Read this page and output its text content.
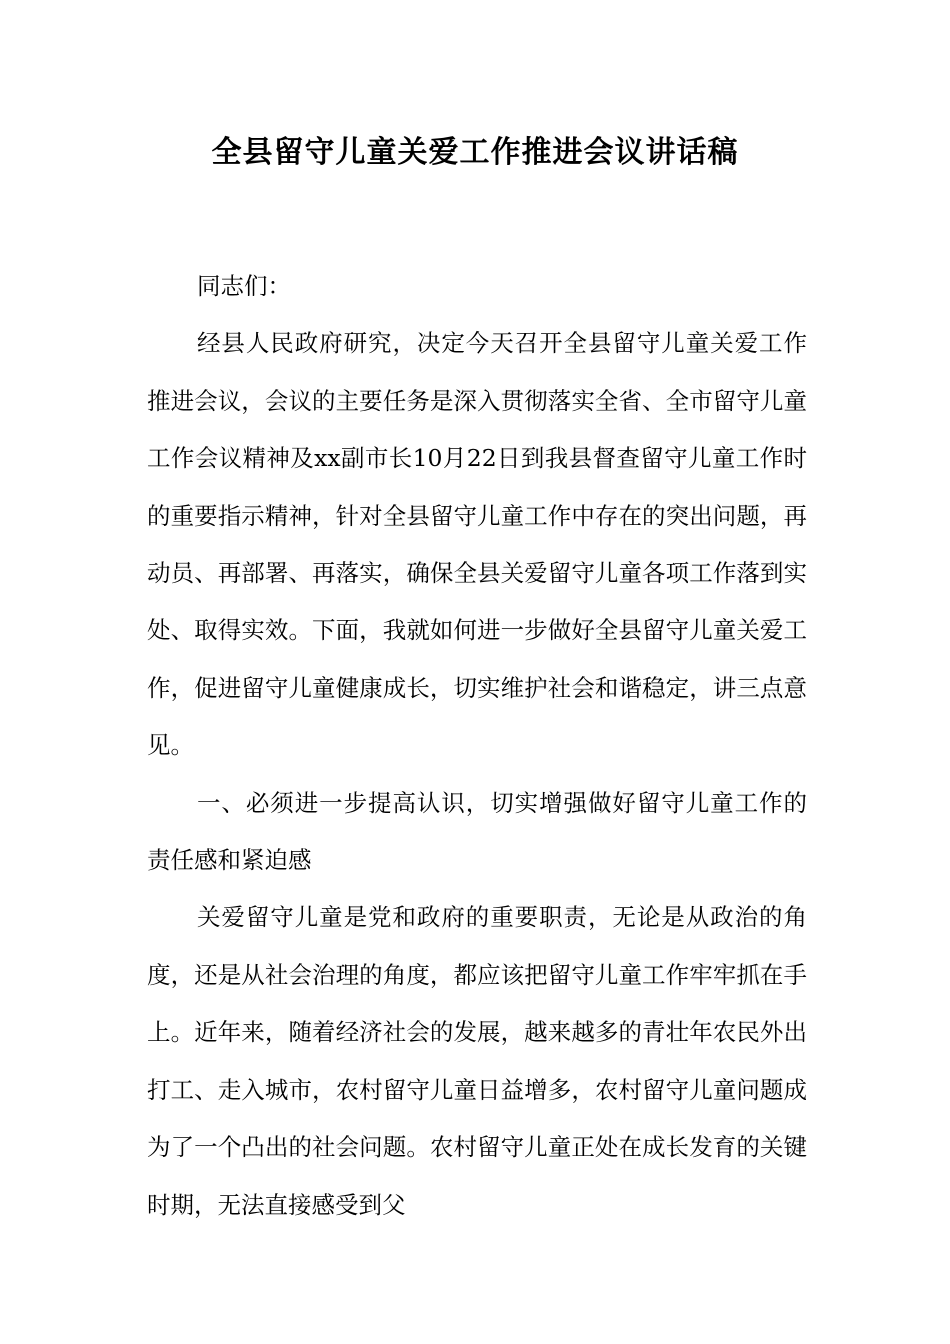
全县留守儿童关爱工作推进会议讲话稿

同志们：

经县人民政府研究，决定今天召开全县留守儿童关爱工作推进会议，会议的主要任务是深入贯彻落实全省、全市留守儿童工作会议精神及xx副市长10月22日到我县督查留守儿童工作时的重要指示精神，针对全县留守儿童工作中存在的突出问题，再动员、再部署、再落实，确保全县关爱留守儿童各项工作落到实处、取得实效。下面，我就如何进一步做好全县留守儿童关爱工作，促进留守儿童健康成长，切实维护社会和谐稳定，讲三点意见。

一、必须进一步提高认识，切实增强做好留守儿童工作的责任感和紧迫感

关爱留守儿童是党和政府的重要职责，无论是从政治的角度，还是从社会治理的角度，都应该把留守儿童工作牢牢抓在手上。近年来，随着经济社会的发展，越来越多的青壮年农民外出打工、走入城市，农村留守儿童日益增多，农村留守儿童问题成为了一个凸出的社会问题。农村留守儿童正处在成长发育的关键时期，无法直接感受到父
